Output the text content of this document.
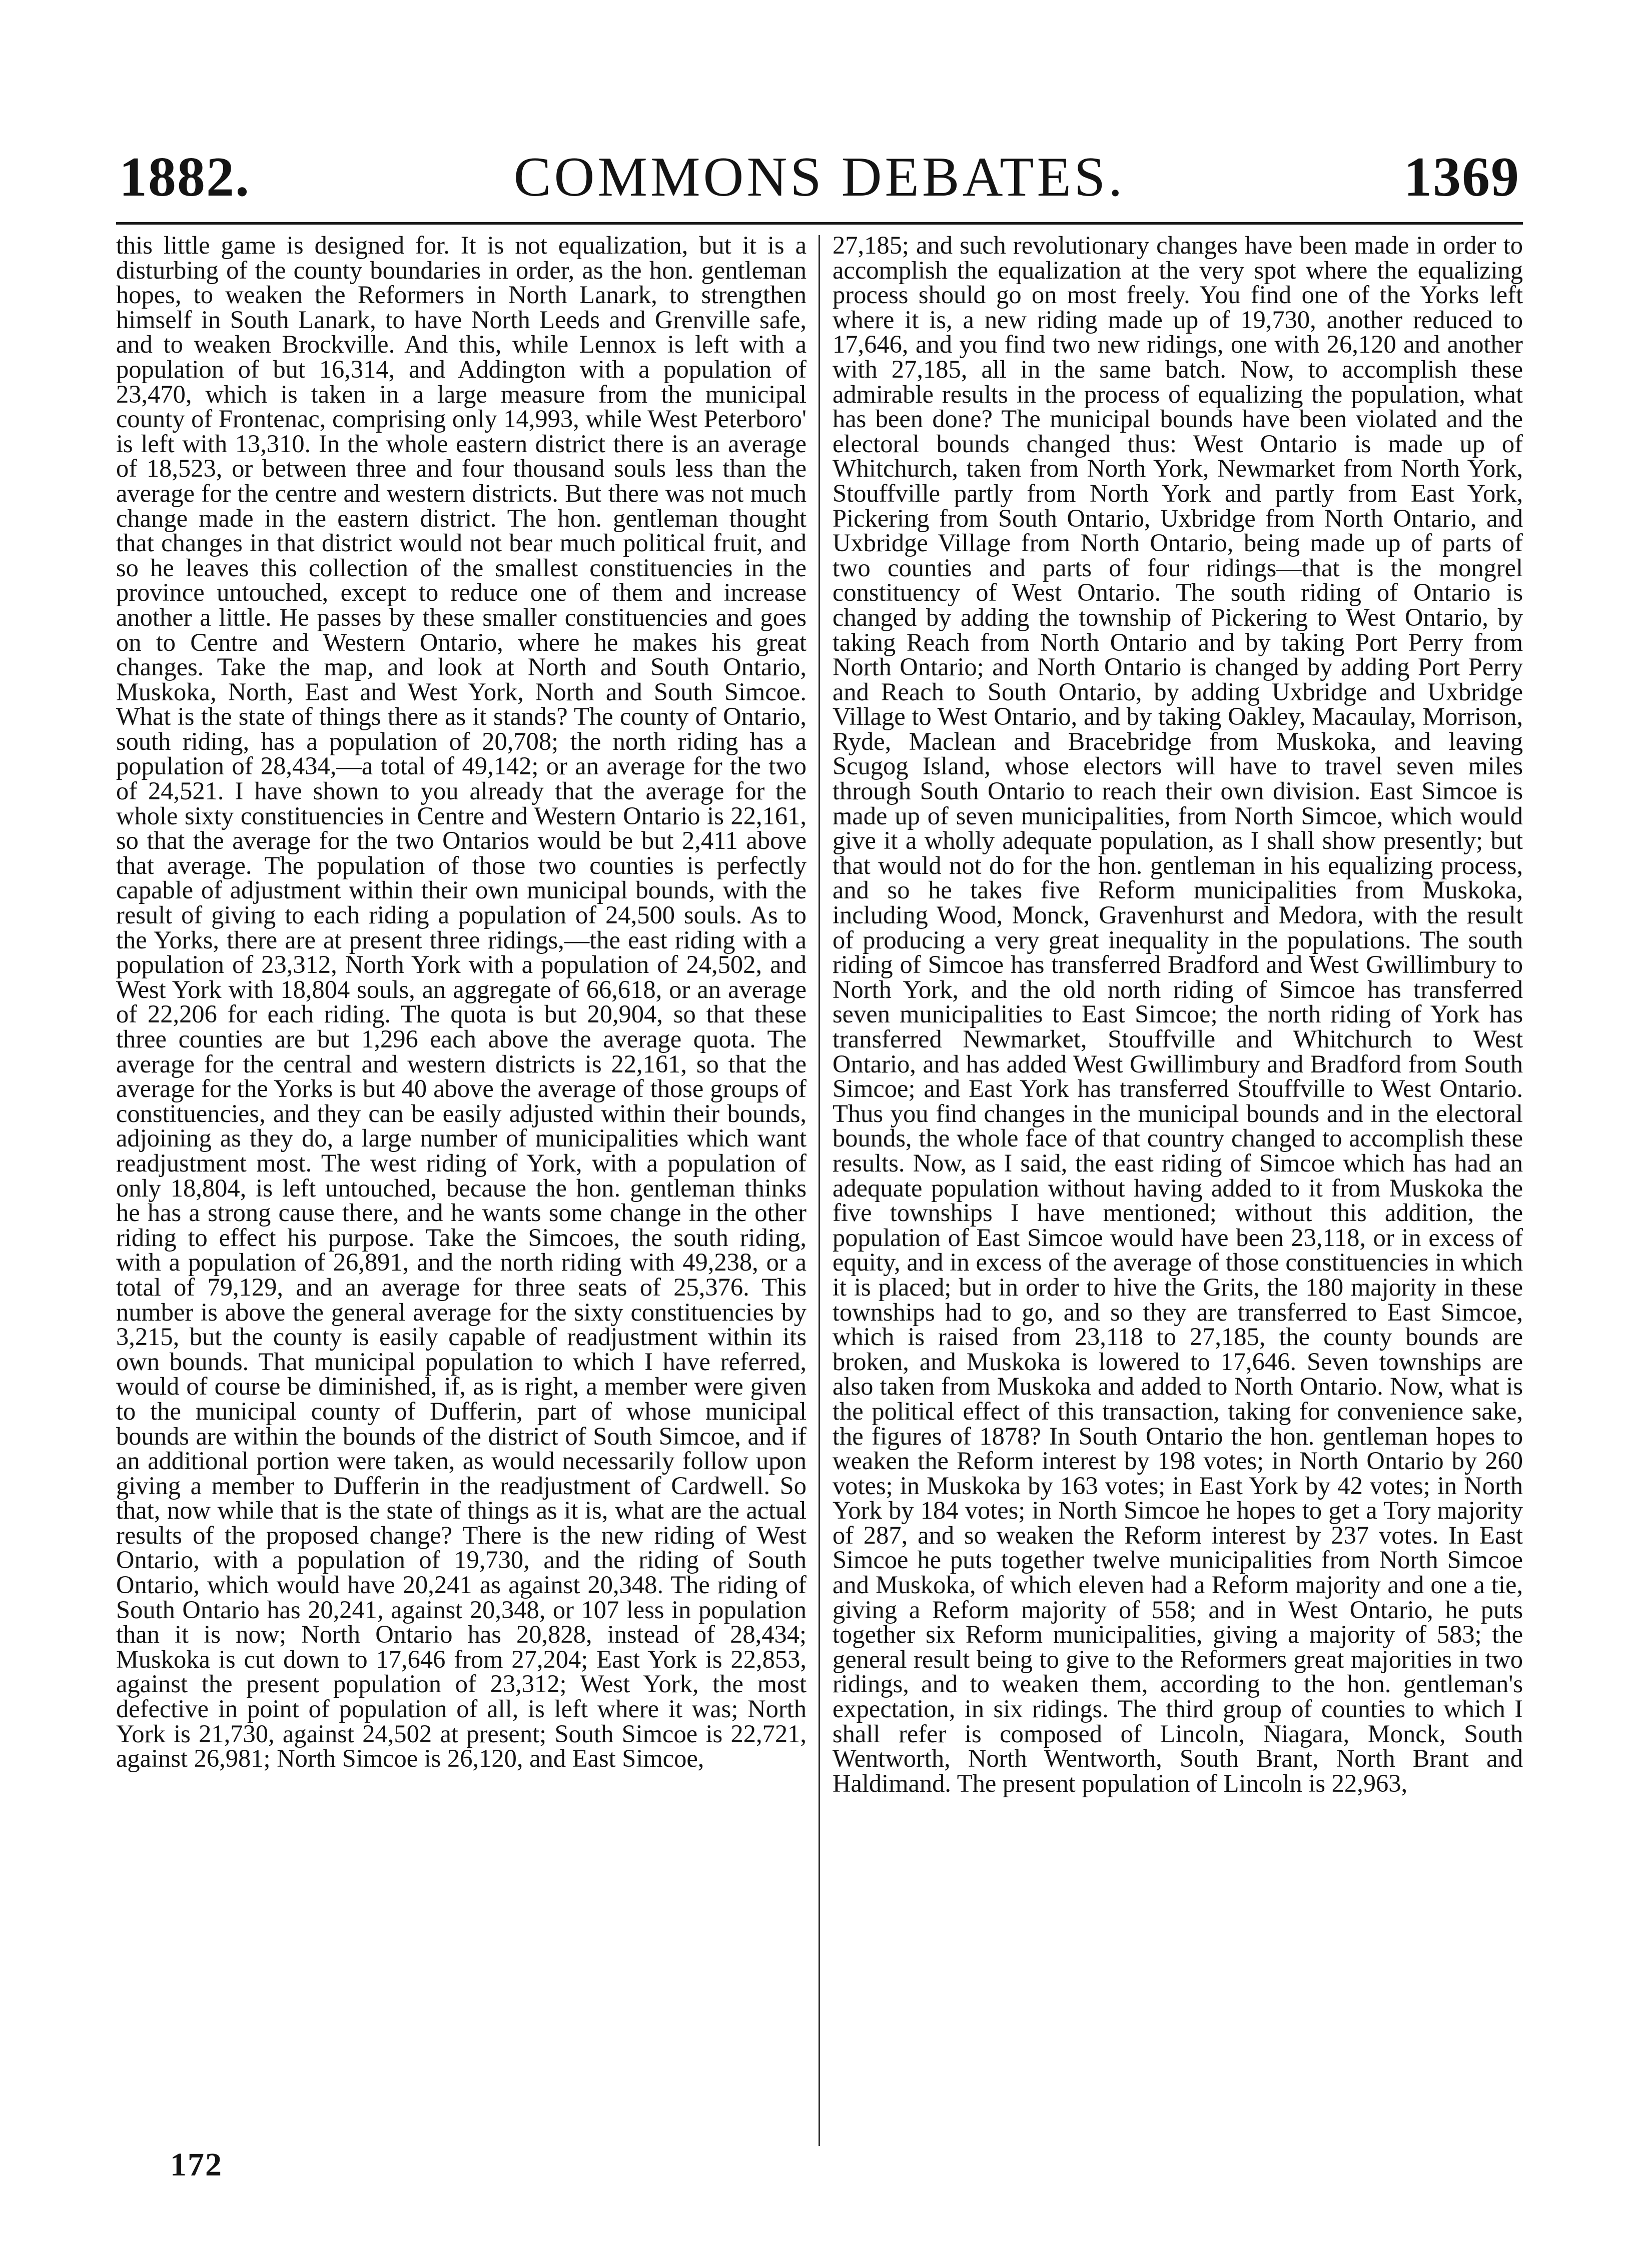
1882.	COMMONS DEBATES.	1369

this little game is designed for. It is not equalization, but it is a disturbing of the county boundaries in order, as the hon. gentleman hopes, to weaken the Reformers in North Lanark, to strengthen himself in South Lanark, to have North Leeds and Grenville safe, and to weaken Brockville. And this, while Lennox is left with a population of but 16,314, and Addington with a population of 23,470, which is taken in a large measure from the municipal county of Frontenac, comprising only 14,993, while West Peterboro' is left with 13,310. In the whole eastern district there is an average of 18,523, or between three and four thousand souls less than the average for the centre and western districts. But there was not much change made in the eastern district. The hon. gentleman thought that changes in that district would not bear much political fruit, and so he leaves this collection of the smallest constituencies in the province untouched, except to reduce one of them and increase another a little. He passes by these smaller constituencies and goes on to Centre and Western Ontario, where he makes his great changes. Take the map, and look at North and South Ontario, Muskoka, North, East and West York, North and South Simcoe. What is the state of things there as it stands? The county of Ontario, south riding, has a population of 20,708; the north riding has a population of 28,434,—a total of 49,142; or an average for the two of 24,521. I have shown to you already that the average for the whole sixty constituencies in Centre and Western Ontario is 22,161, so that the average for the two Ontarios would be but 2,411 above that average. The population of those two counties is perfectly capable of adjustment within their own municipal bounds, with the result of giving to each riding a population of 24,500 souls. As to the Yorks, there are at present three ridings,—the east riding with a population of 23,312, North York with a population of 24,502, and West York with 18,804 souls, an aggregate of 66,618, or an average of 22,206 for each riding. The quota is but 20,904, so that these three counties are but 1,296 each above the average quota. The average for the central and western districts is 22,161, so that the average for the Yorks is but 40 above the average of those groups of constituencies, and they can be easily adjusted within their bounds, adjoining as they do, a large number of municipalities which want readjustment most. The west riding of York, with a population of only 18,804, is left untouched, because the hon. gentleman thinks he has a strong cause there, and he wants some change in the other riding to effect his purpose. Take the Simcoes, the south riding, with a population of 26,891, and the north riding with 49,238, or a total of 79,129, and an average for three seats of 25,376. This number is above the general average for the sixty constituencies by 3,215, but the county is easily capable of readjustment within its own bounds. That municipal population to which I have referred, would of course be diminished, if, as is right, a member were given to the municipal county of Dufferin, part of whose municipal bounds are within the bounds of the district of South Simcoe, and if an additional portion were taken, as would necessarily follow upon giving a member to Dufferin in the readjustment of Cardwell. So that, now while that is the state of things as it is, what are the actual results of the proposed change? There is the new riding of West Ontario, with a population of 19,730, and the riding of South Ontario, which would have 20,241 as against 20,348. The riding of South Ontario has 20,241, against 20,348, or 107 less in population than it is now; North Ontario has 20,828, instead of 28,434; Muskoka is cut down to 17,646 from 27,204; East York is 22,853, against the present population of 23,312; West York, the most defective in point of population of all, is left where it was; North York is 21,730, against 24,502 at present; South Simcoe is 22,721, against 26,981; North Simcoe is 26,120, and East Simcoe,

27,185; and such revolutionary changes have been made in order to accomplish the equalization at the very spot where the equalizing process should go on most freely. You find one of the Yorks left where it is, a new riding made up of 19,730, another reduced to 17,646, and you find two new ridings, one with 26,120 and another with 27,185, all in the same batch. Now, to accomplish these admirable results in the process of equalizing the population, what has been done? The municipal bounds have been violated and the electoral bounds changed thus: West Ontario is made up of Whitchurch, taken from North York, Newmarket from North York, Stouffville partly from North York and partly from East York, Pickering from South Ontario, Uxbridge from North Ontario, and Uxbridge Village from North Ontario, being made up of parts of two counties and parts of four ridings—that is the mongrel constituency of West Ontario. The south riding of Ontario is changed by adding the township of Pickering to West Ontario, by taking Reach from North Ontario and by taking Port Perry from North Ontario; and North Ontario is changed by adding Port Perry and Reach to South Ontario, by adding Uxbridge and Uxbridge Village to West Ontario, and by taking Oakley, Macaulay, Morrison, Ryde, Maclean and Bracebridge from Muskoka, and leaving Scugog Island, whose electors will have to travel seven miles through South Ontario to reach their own division. East Simcoe is made up of seven municipalities, from North Simcoe, which would give it a wholly adequate population, as I shall show presently; but that would not do for the hon. gentleman in his equalizing process, and so he takes five Reform municipalities from Muskoka, including Wood, Monck, Gravenhurst and Medora, with the result of producing a very great inequality in the populations. The south riding of Simcoe has transferred Bradford and West Gwillimbury to North York, and the old north riding of Simcoe has transferred seven municipalities to East Simcoe; the north riding of York has transferred Newmarket, Stouffville and Whitchurch to West Ontario, and has added West Gwillimbury and Bradford from South Simcoe; and East York has transferred Stouffville to West Ontario. Thus you find changes in the municipal bounds and in the electoral bounds, the whole face of that country changed to accomplish these results. Now, as I said, the east riding of Simcoe which has had an adequate population without having added to it from Muskoka the five townships I have mentioned; without this addition, the population of East Simcoe would have been 23,118, or in excess of equity, and in excess of the average of those constituencies in which it is placed; but in order to hive the Grits, the 180 majority in these townships had to go, and so they are transferred to East Simcoe, which is raised from 23,118 to 27,185, the county bounds are broken, and Muskoka is lowered to 17,646. Seven townships are also taken from Muskoka and added to North Ontario. Now, what is the political effect of this transaction, taking for convenience sake, the figures of 1878? In South Ontario the hon. gentleman hopes to weaken the Reform interest by 198 votes; in North Ontario by 260 votes; in Muskoka by 163 votes; in East York by 42 votes; in North York by 184 votes; in North Simcoe he hopes to get a Tory majority of 287, and so weaken the Reform interest by 237 votes. In East Simcoe he puts together twelve municipalities from North Simcoe and Muskoka, of which eleven had a Reform majority and one a tie, giving a Reform majority of 558; and in West Ontario, he puts together six Reform municipalities, giving a majority of 583; the general result being to give to the Reformers great majorities in two ridings, and to weaken them, according to the hon. gentleman's expectation, in six ridings. The third group of counties to which I shall refer is composed of Lincoln, Niagara, Monck, South Wentworth, North Wentworth, South Brant, North Brant and Haldimand. The present population of Lincoln is 22,963,

172
